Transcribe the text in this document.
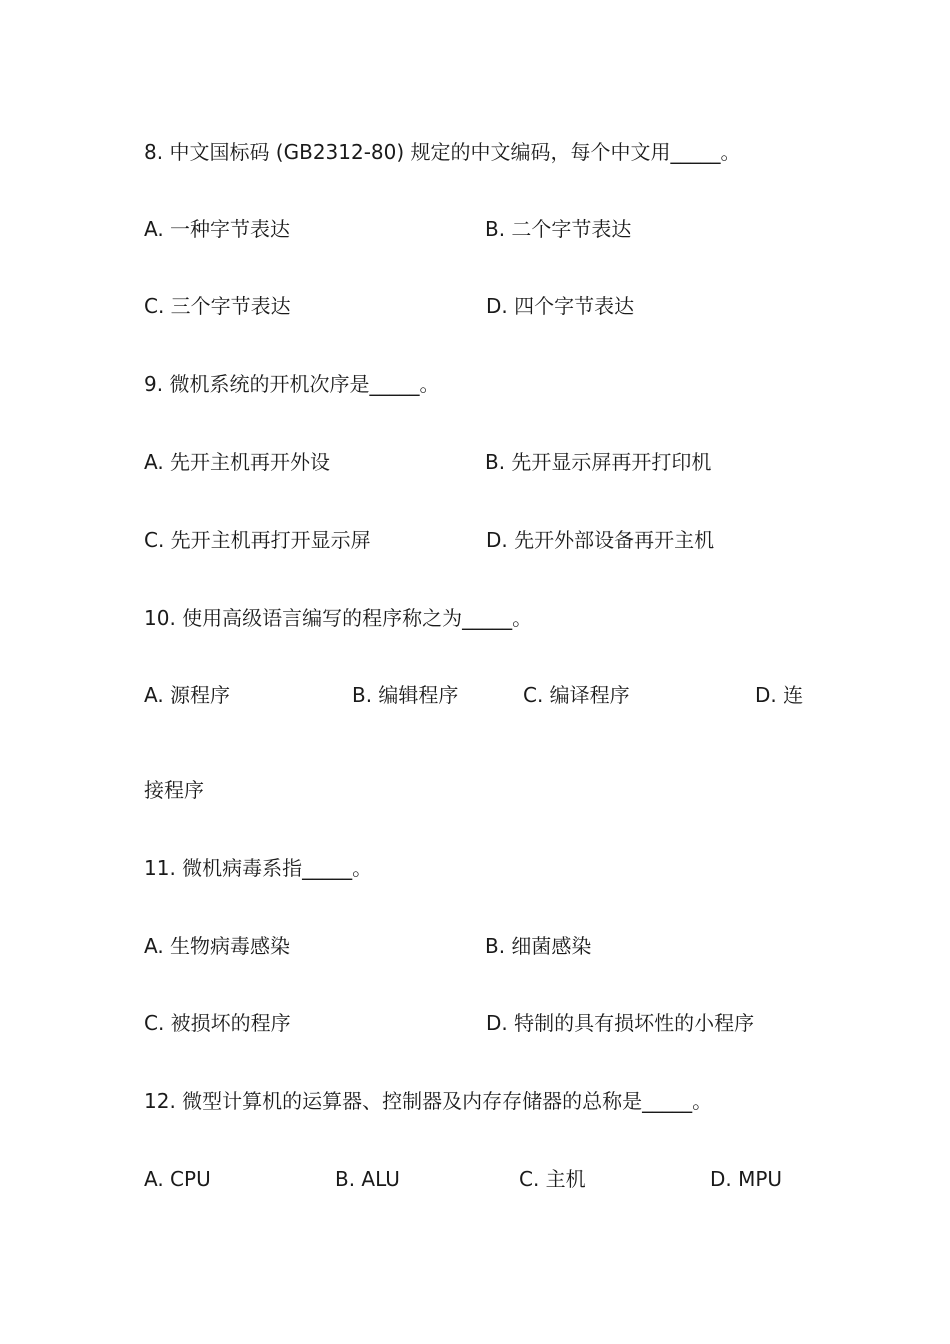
8. 中文国标码 (GB2312-80) 规定的中文编码，每个中文用_____。
A. 一种字节表达	B. 二个字节表达
C. 三个字节表达	D. 四个字节表达
9. 微机系统的开机次序是_____。
A. 先开主机再开外设	B. 先开显示屏再开打印机
C. 先开主机再打开显示屏	D. 先开外部设备再开主机
10. 使用高级语言编写的程序称之为_____。
A. 源程序	B. 编辑程序	C. 编译程序	D. 连
接程序
11. 微机病毒系指_____。
A. 生物病毒感染	B. 细菌感染
C. 被损坏的程序	D. 特制的具有损坏性的小程序
12. 微型计算机的运算器、控制器及内存存储器的总称是_____。
A. CPU	B. ALU	C. 主机	D. MPU
